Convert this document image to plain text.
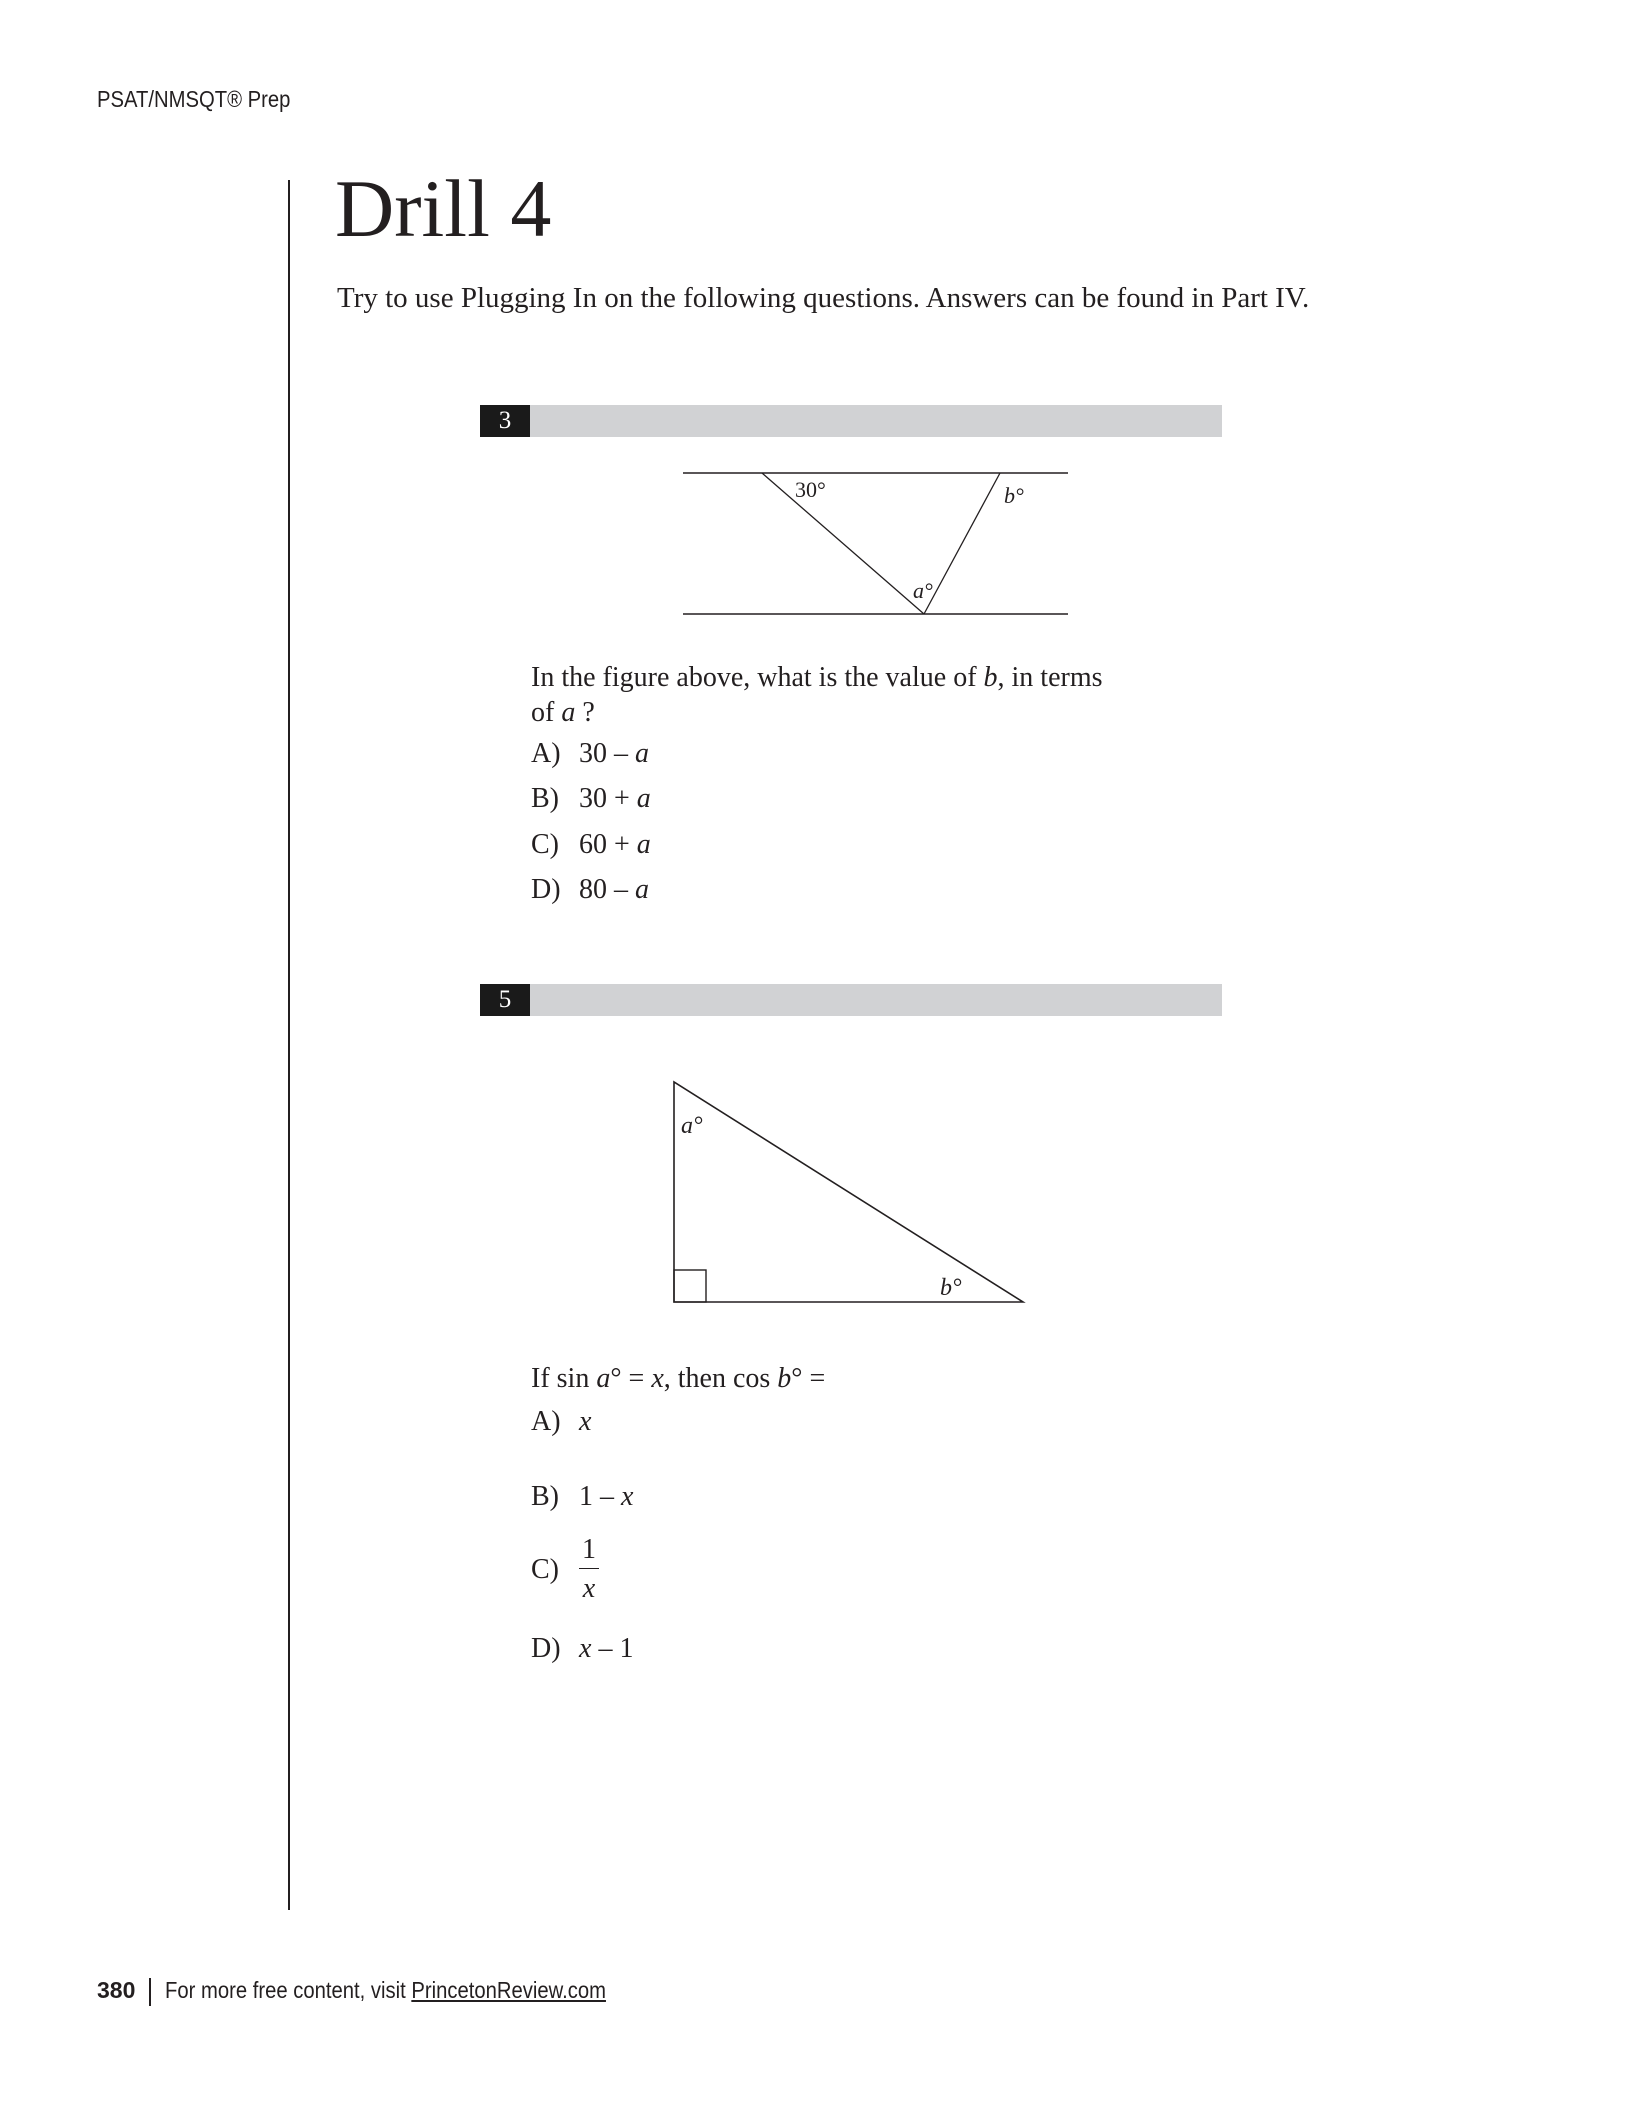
PSAT/NMSQT® Prep
Drill 4
Try to use Plugging In on the following questions. Answers can be found in Part IV.
3
30°	b°
a°
In the figure above, what is the value of b, in terms
of a ?
A) 30 – a
B) 30 + a
C) 60 + a
D) 80 – a
5
a°
b°
If sin a° = x, then cos b° =
A) x
B) 1 – x
$C) \frac{1}{x}$
D) x – 1
380 For more free content, visit PrincetonReview.com
